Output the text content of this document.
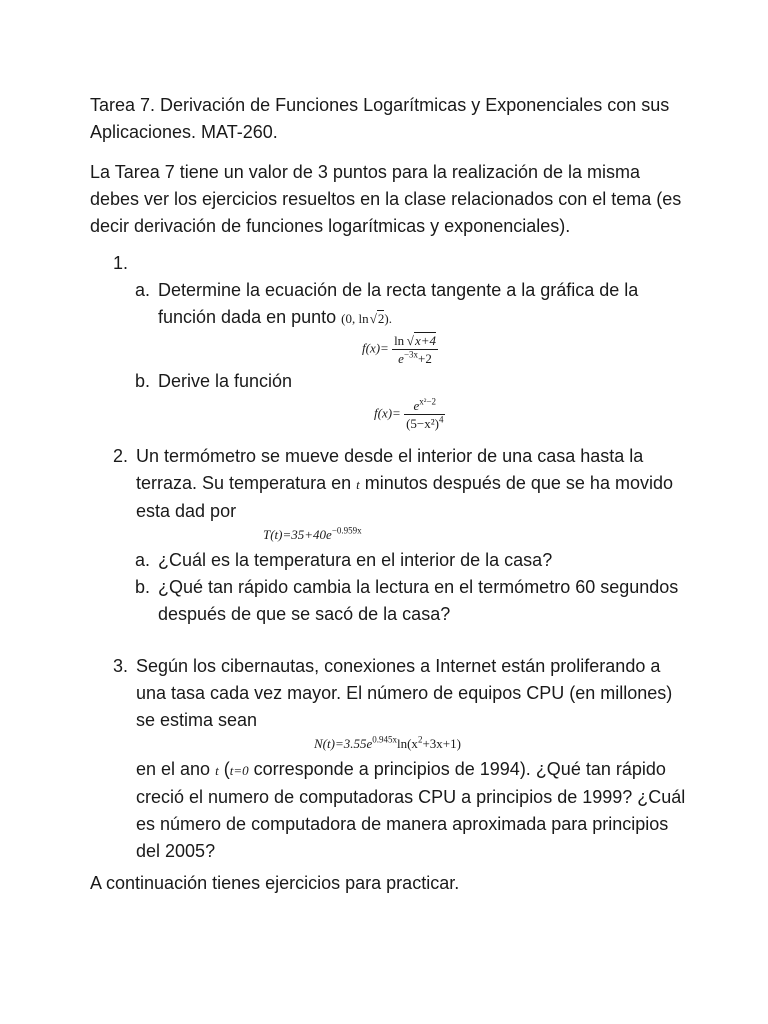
Tarea 7. Derivación de Funciones Logarítmicas y Exponenciales con sus Aplicaciones. MAT-260.

La Tarea 7 tiene un valor de 3 puntos para la realización de la misma debes ver los ejercicios resueltos en la clase relacionados con el tema (es decir derivación de funciones logarítmicas y exponenciales).

1.

a. Determine la ecuación de la recta tangente a la gráfica de la función dada en punto (0, ln √2).

$f(x)= \frac{\ln √x+4}{e^{-3x}+2}$
b. Derive la función

$f(x)= \frac{e^{x^2-2}}{(5-x^2)^4}$
2. Un termómetro se mueve desde el interior de una casa hasta la terraza. Su temperatura en t minutos después de que se ha movido esta dad por

$T(t)=35+40e^{-0.959x}$
a. ¿Cuál es la temperatura en el interior de la casa?

b. ¿Qué tan rápido cambia la lectura en el termómetro 60 segundos después de que se sacó de la casa?

3. Según los cibernautas, conexiones a Internet están proliferando a una tasa cada vez mayor. El número de equipos CPU (en millones) se estima sean

$N(t)=3.55e^{0.945x}\ln(x^2+3x+1)$

en el ano t (t=0 corresponde a principios de 1994). ¿Qué tan rápido creció el numero de computadoras CPU a principios de 1999? ¿Cuál es número de computadora de manera aproximada para principios del 2005?

A continuación tienes ejercicios para practicar.
